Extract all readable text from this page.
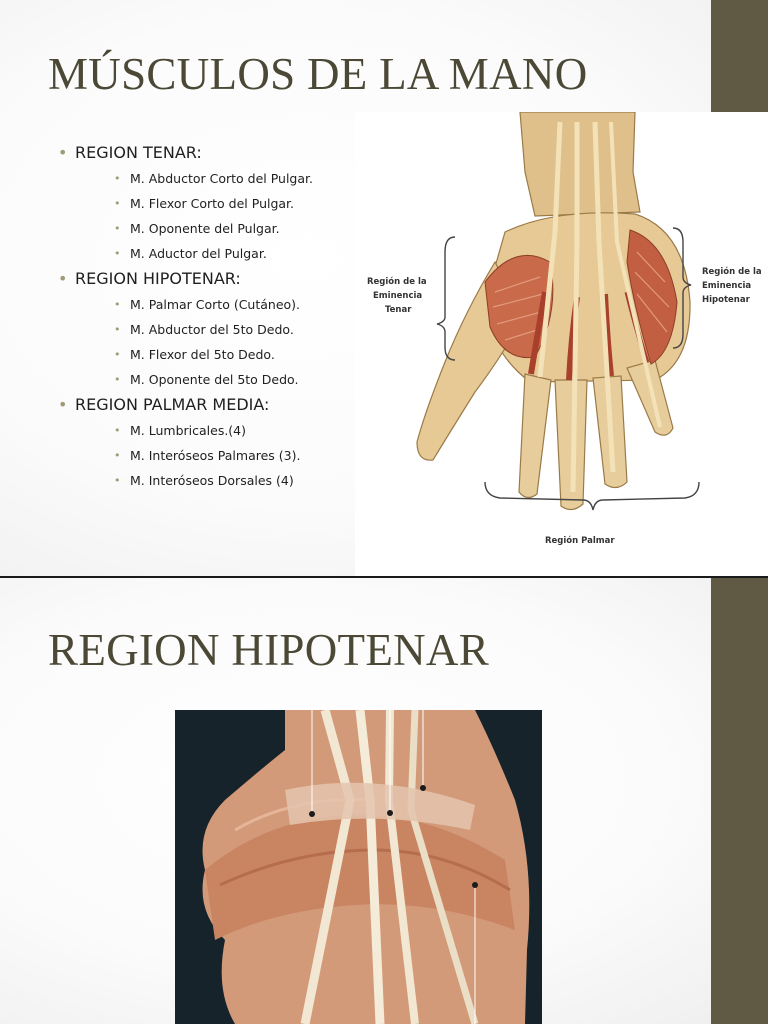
MÚSCULOS DE LA MANO
• REGION TENAR:
• M. Abductor Corto del Pulgar.
• M. Flexor Corto del Pulgar.
• M. Oponente del Pulgar.
• M. Aductor del Pulgar.
• REGION HIPOTENAR:
• M. Palmar Corto (Cutáneo).
• M. Abductor del 5to Dedo.
• M. Flexor del 5to Dedo.
• M. Oponente del 5to Dedo.
• REGION PALMAR MEDIA:
• M. Lumbricales.(4)
• M. Interóseos Palmares (3).
• M. Interóseos Dorsales (4)
Región de la
Eminencia
Tenar
Región de la
Eminencia
Hipotenar
Región Palmar
REGION HIPOTENAR
